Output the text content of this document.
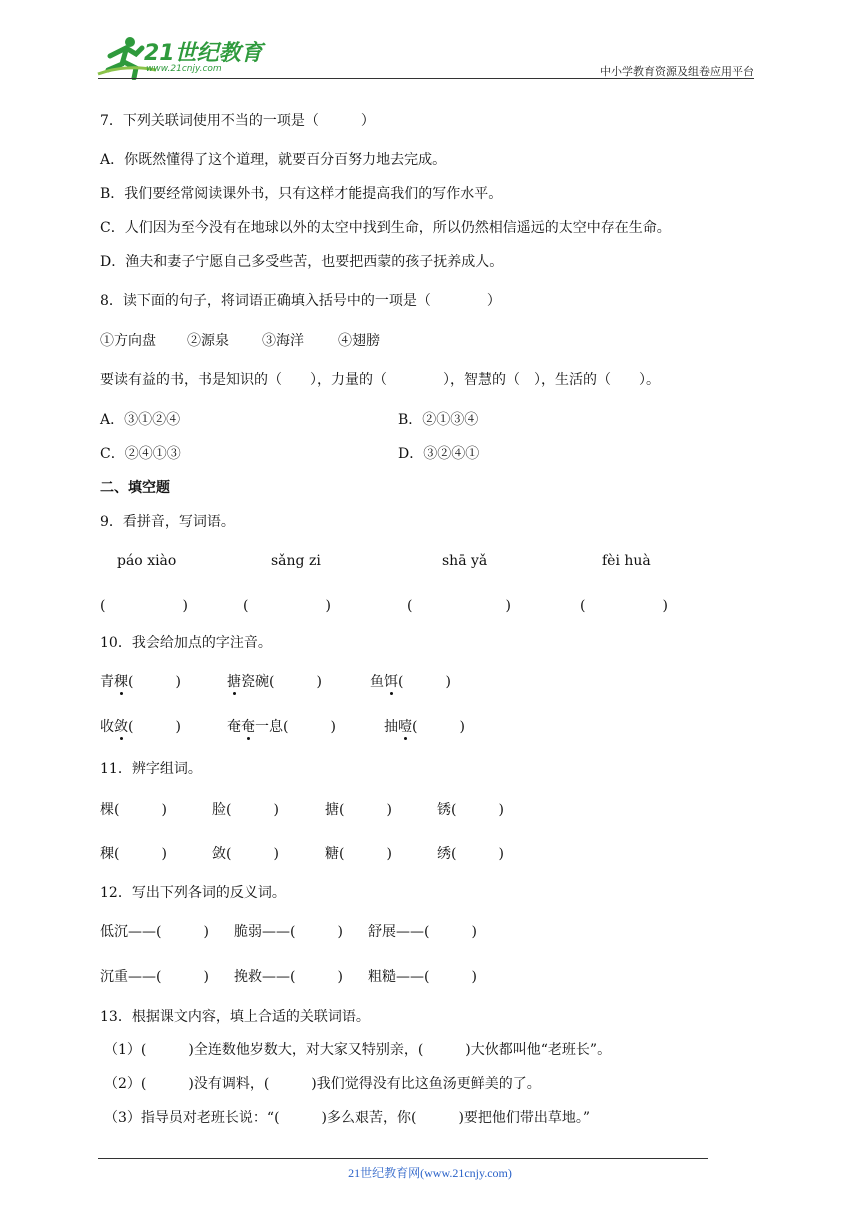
21世纪教育
www.21cnjy.com	中小学教育资源及组卷应用平台
7．下列关联词使用不当的一项是（　　　）
A．你既然懂得了这个道理，就要百分百努力地去完成。
B．我们要经常阅读课外书，只有这样才能提高我们的写作水平。
C．人们因为至今没有在地球以外的太空中找到生命，所以仍然相信遥远的太空中存在生命。
D．渔夫和妻子宁愿自己多受些苦，也要把西蒙的孩子抚养成人。
8．读下面的句子，将词语正确填入括号中的一项是（　　　　）
①方向盘 ②源泉 ③海洋 ④翅膀
要读有益的书，书是知识的（　　），力量的（　　　　），智慧的（　），生活的（　　）。
A．③①②④	B．②①③④
C．②④①③	D．③②④①
二、填空题
9．看拼音，写词语。
páo xiào	sǎng zi	shā yǎ	fèi huà
(	)	(	)	(	)	(	)
10．我会给加点的字注音。
青稞(　　　)	搪瓷碗(　　　)	鱼饵(　　　)
收敛(　　　)	奄奄一息(　　　)	抽噎(　　　)
11．辨字组词。
棵(　　　)	脸(　　　)	搪(　　　)	锈(　　　)
稞(　　　)	敛(　　　)	糖(　　　)	绣(　　　)
12．写出下列各词的反义词。
低沉——(　　　) 脆弱——(　　　) 舒展——(　　　)
沉重——(　　　) 挽救——(　　　) 粗糙——(　　　)
13．根据课文内容，填上合适的关联词语。
（1）(　　　)全连数他岁数大，对大家又特别亲，(　　　)大伙都叫他“老班长”。
（2）(　　　)没有调料，(　　　)我们觉得没有比这鱼汤更鲜美的了。
（3）指导员对老班长说：“(　　　)多么艰苦，你(　　　)要把他们带出草地。”
21世纪教育网(www.21cnjy.com)
